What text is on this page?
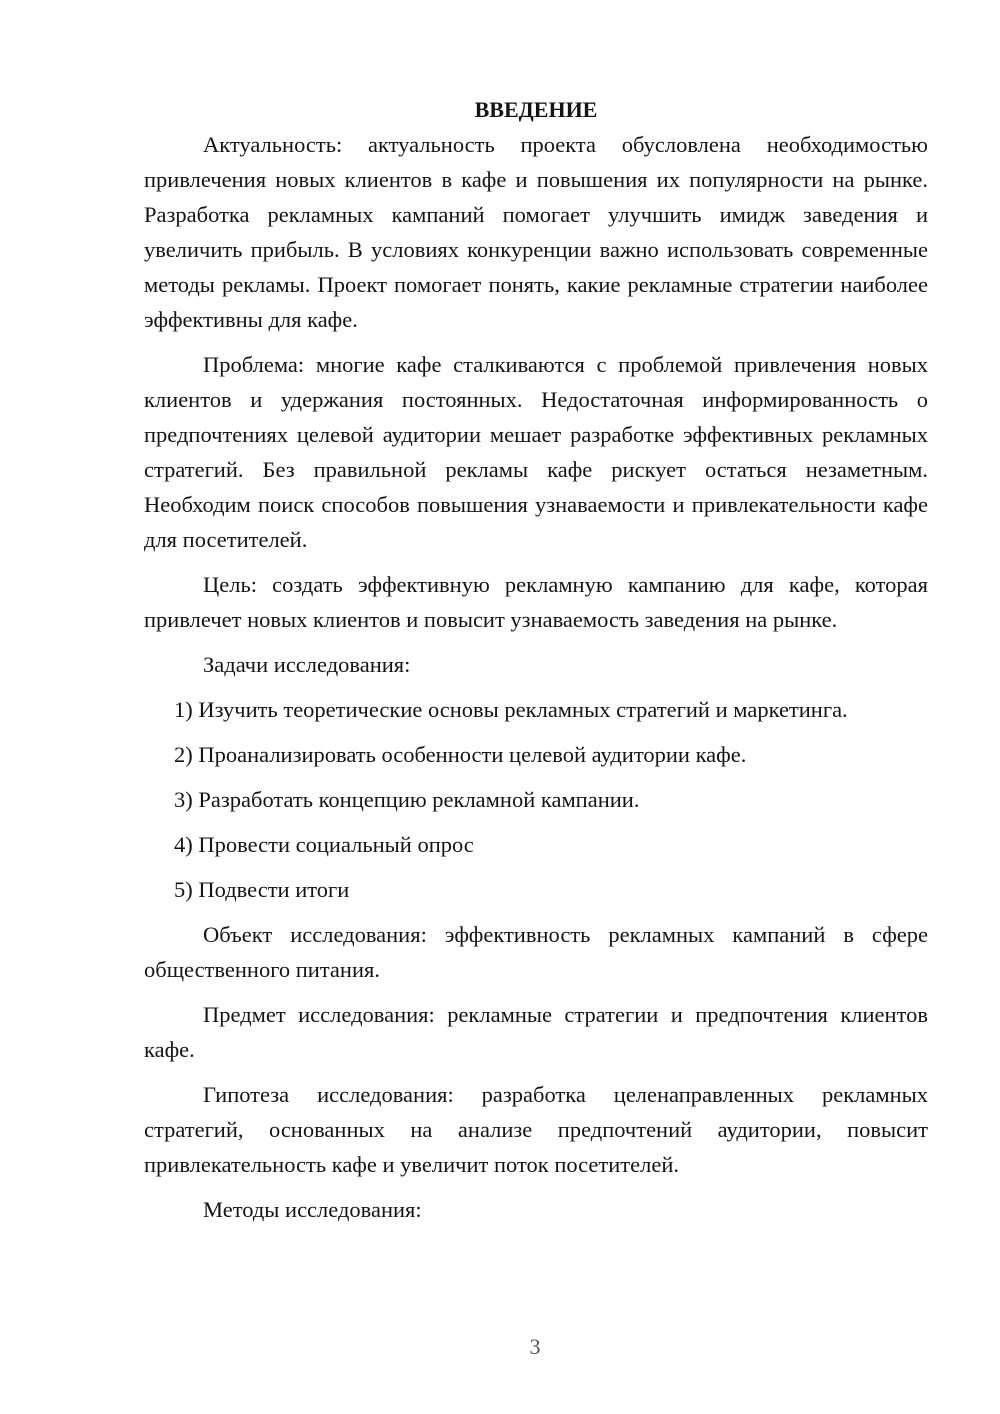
ВВЕДЕНИЕ

Актуальность: актуальность проекта обусловлена необходимостью привлечения новых клиентов в кафе и повышения их популярности на рынке. Разработка рекламных кампаний помогает улучшить имидж заведения и увеличить прибыль. В условиях конкуренции важно использовать современные методы рекламы. Проект помогает понять, какие рекламные стратегии наиболее эффективны для кафе.

Проблема: многие кафе сталкиваются с проблемой привлечения новых клиентов и удержания постоянных. Недостаточная информированность о предпочтениях целевой аудитории мешает разработке эффективных рекламных стратегий. Без правильной рекламы кафе рискует остаться незаметным. Необходим поиск способов повышения узнаваемости и привлекательности кафе для посетителей.

Цель: создать эффективную рекламную кампанию для кафе, которая привлечет новых клиентов и повысит узнаваемость заведения на рынке.

Задачи исследования:

1) Изучить теоретические основы рекламных стратегий и маркетинга.

2) Проанализировать особенности целевой аудитории кафе.

3) Разработать концепцию рекламной кампании.

4) Провести социальный опрос

5) Подвести итоги

Объект исследования: эффективность рекламных кампаний в сфере общественного питания.

Предмет исследования: рекламные стратегии и предпочтения клиентов кафе.

Гипотеза исследования: разработка целенаправленных рекламных стратегий, основанных на анализе предпочтений аудитории, повысит привлекательность кафе и увеличит поток посетителей.

Методы исследования:

3
